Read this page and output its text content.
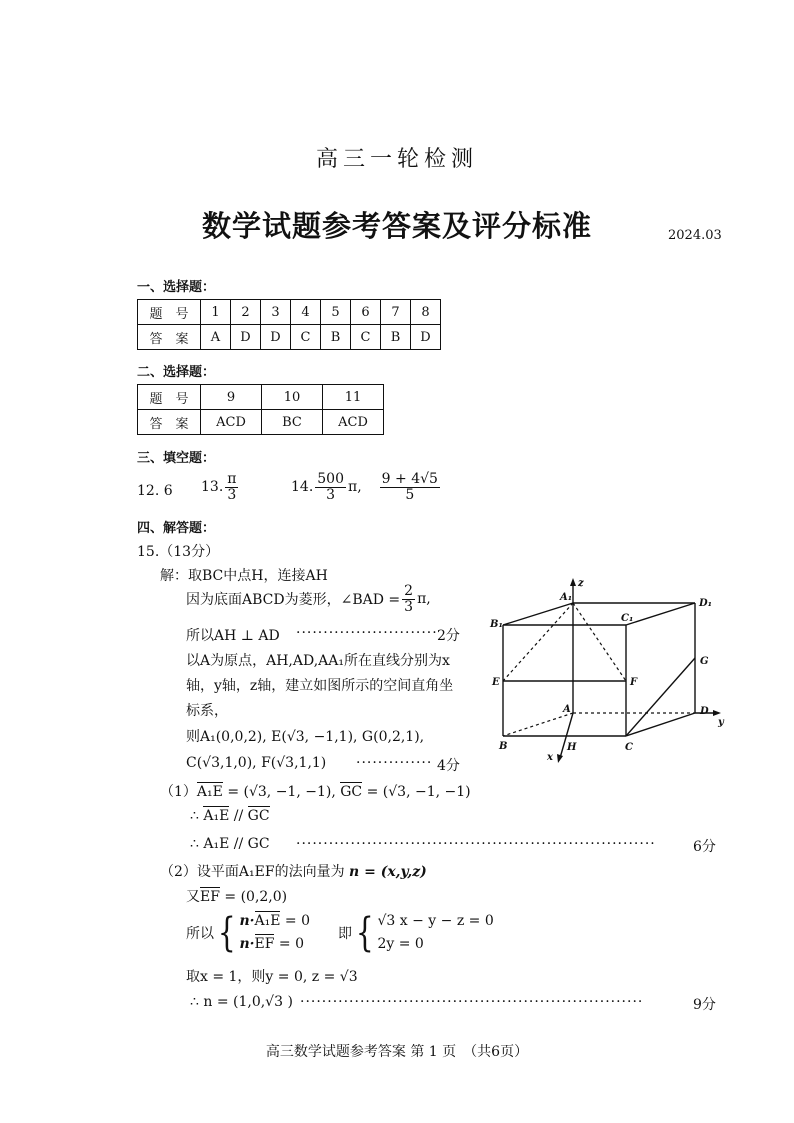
高三一轮检测
数学试题参考答案及评分标准	2024.03
一、选择题：
题　号	1	2	3	4	5	6	7	8
答　案	A	D	D	C	B	C	B	D
二、选择题：
题　号	9	10	11
答　案	ACD	BC	ACD
三、填空题：
12. 6 13. $\frac{\pi}{3}$	14. $\frac{500}{3} \pi$, $\frac{9 + 4√5}{5}$
四、解答题：
15.（13分）
解：取BC中点H，连接AH
因为底面ABCD为菱形，∠BAD = $\frac{2}{3} \pi$,
所以AH ⊥ AD ·························· 2分
以A为原点，AH,AD,AA₁所在直线分别为x
轴，y轴，z轴，建立如图所示的空间直角坐
标系，
则A₁(0,0,2), E(√3, −1,1), G(0,2,1),
C(√3,1,0), F(√3,1,1) ·············· 4分
（1）A₁E = (√3, −1, −1), GC = (√3, −1, −1)
∴ A₁E // GC
∴ A₁E // GC ··································································	6分
（2）设平面A₁EF的法向量为 n = (x,y,z)
又EF = (0,2,0)
所以 { n·A₁E = 0
n·EF = 0
即 { √3 x − y − z = 0
2y = 0
取x = 1，则y = 0, z = √3
∴ n = (1,0,√3 ) ·······························································	9分
z
A₁
C₁
D₁
B₁
G
E	F
A	D
y
B	H	C
x
高三数学试题参考答案 第 1 页　（共6页）
